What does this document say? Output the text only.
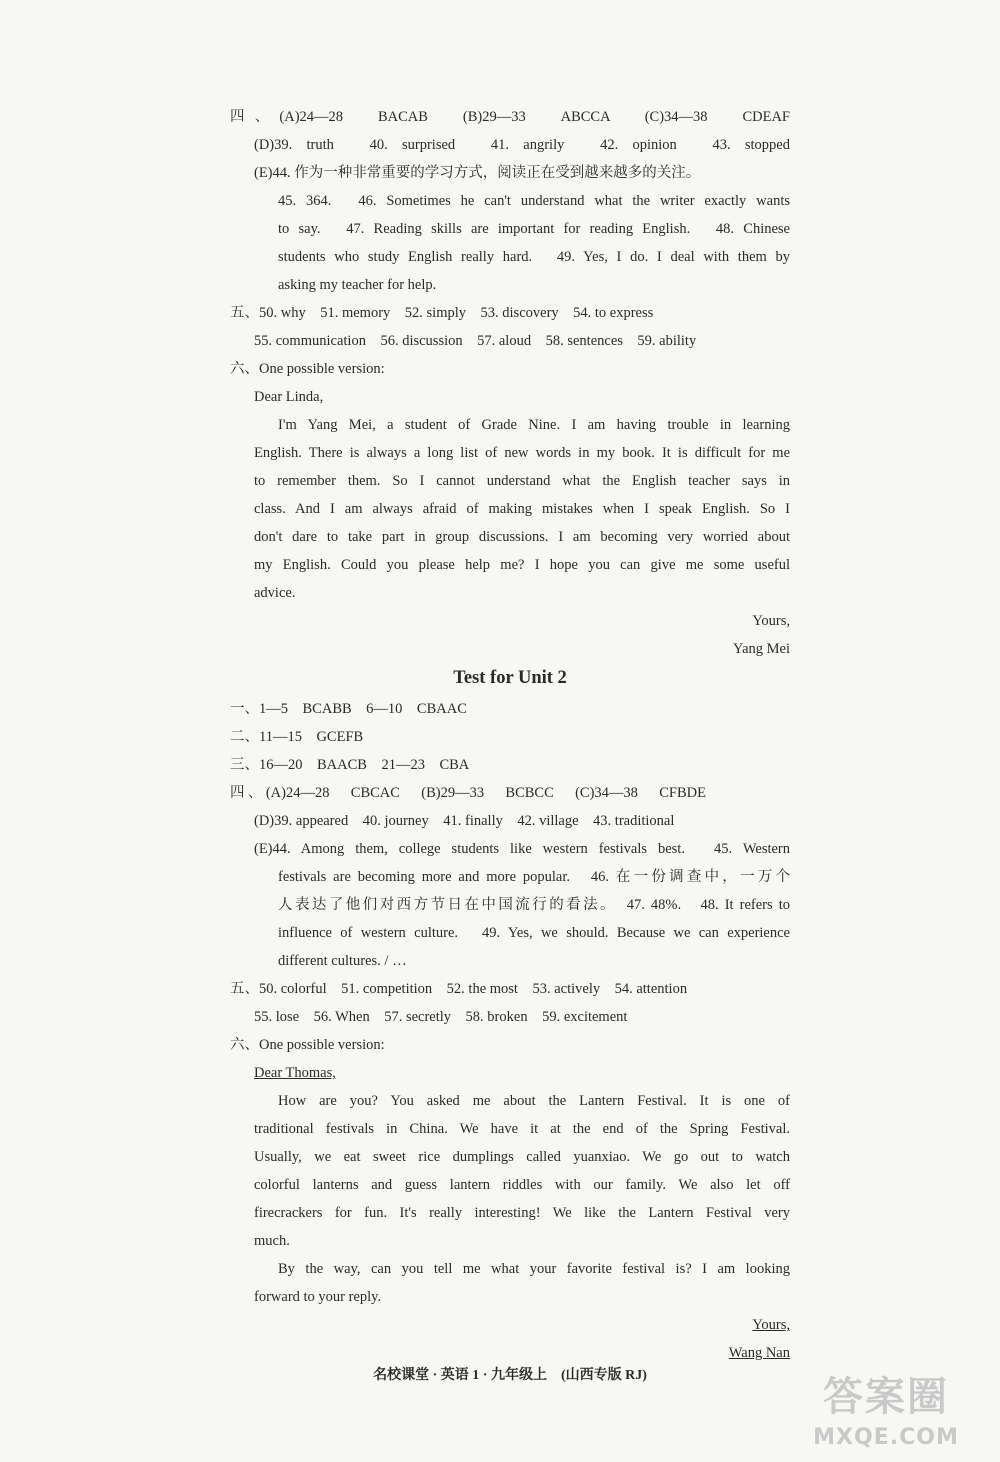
四、(A)24—28　BACAB　(B)29—33　ABCCA　(C)34—38　CDEAF
(D)39. truth　40. surprised　41. angrily　42. opinion　43. stopped
(E)44. 作为一种非常重要的学习方式，阅读正在受到越来越多的关注。
45. 364.　46. Sometimes he can't understand what the writer exactly wants
to say.　47. Reading skills are important for reading English.　48. Chinese
students who study English really hard.　49. Yes, I do. I deal with them by
asking my teacher for help.
五、50. why　51. memory　52. simply　53. discovery　54. to express
55. communication　56. discussion　57. aloud　58. sentences　59. ability
六、One possible version:
Dear Linda,
I'm Yang Mei, a student of Grade Nine. I am having trouble in learning
English. There is always a long list of new words in my book. It is difficult for me
to remember them. So I cannot understand what the English teacher says in
class. And I am always afraid of making mistakes when I speak English. So I
don't dare to take part in group discussions. I am becoming very worried about
my English. Could you please help me? I hope you can give me some useful
advice.
Yours,
Yang Mei
Test for Unit 2
一、1—5　BCABB　6—10　CBAAC
二、11—15　GCEFB
三、16—20　BAACB　21—23　CBA
四、(A)24—28　CBCAC　(B)29—33　BCBCC　(C)34—38　CFBDE
(D)39. appeared　40. journey　41. finally　42. village　43. traditional
(E)44. Among them, college students like western festivals best.　45. Western
festivals are becoming more and more popular.　46. 在一份调查中，一万个
人表达了他们对西方节日在中国流行的看法。　47. 48%.　48. It refers to
influence of western culture.　49. Yes, we should. Because we can experience
different cultures. / …
五、50. colorful　51. competition　52. the most　53. actively　54. attention
55. lose　56. When　57. secretly　58. broken　59. excitement
六、One possible version:
Dear Thomas,
How are you? You asked me about the Lantern Festival. It is one of
traditional festivals in China. We have it at the end of the Spring Festival.
Usually, we eat sweet rice dumplings called yuanxiao. We go out to watch
colorful lanterns and guess lantern riddles with our family. We also let off
firecrackers for fun. It's really interesting! We like the Lantern Festival very
much.
By the way, can you tell me what your favorite festival is? I am looking
forward to your reply.
Yours,
Wang Nan
名校课堂 · 英语 1 · 九年级上　(山西专版 RJ)	答案圈
MXQE.COM
